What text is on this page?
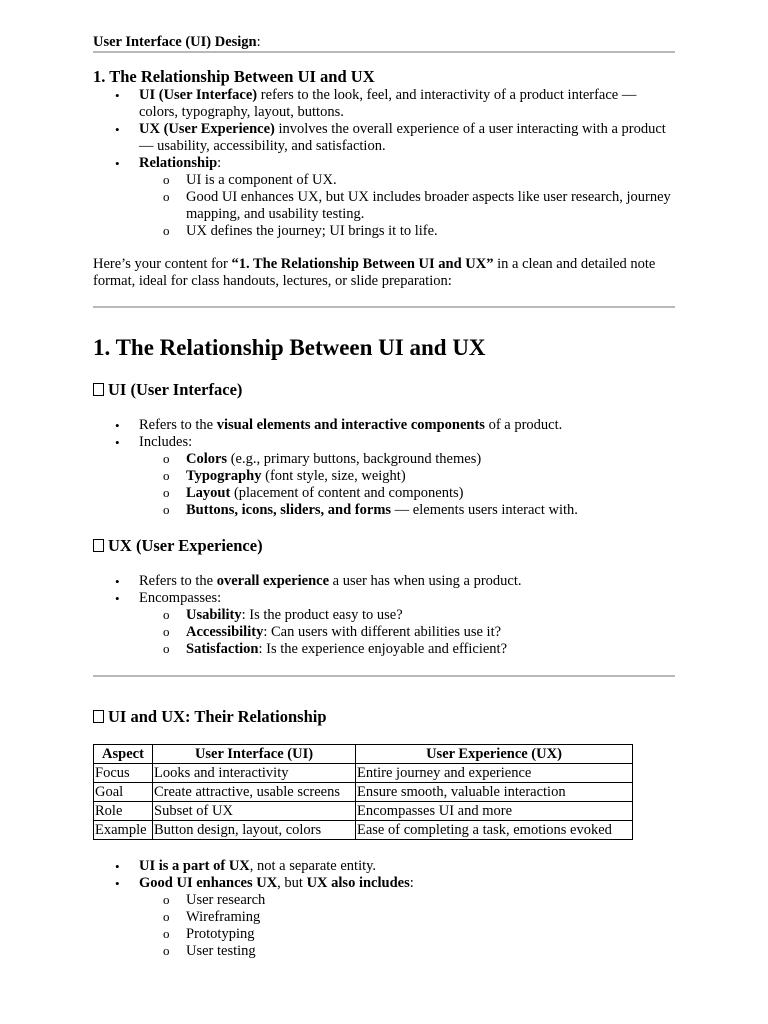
User Interface (UI) Design:
1. The Relationship Between UI and UX
• UI (User Interface) refers to the look, feel, and interactivity of a product interface — colors, typography, layout, buttons.
• UX (User Experience) involves the overall experience of a user interacting with a product — usability, accessibility, and satisfaction.
• Relationship:
o UI is a component of UX.
o Good UI enhances UX, but UX includes broader aspects like user research, journey mapping, and usability testing.
o UX defines the journey; UI brings it to life.
Here’s your content for “1. The Relationship Between UI and UX” in a clean and detailed note format, ideal for class handouts, lectures, or slide preparation:
1. The Relationship Between UI and UX
UI (User Interface)
• Refers to the visual elements and interactive components of a product.
• Includes:
o Colors (e.g., primary buttons, background themes)
o Typography (font style, size, weight)
o Layout (placement of content and components)
o Buttons, icons, sliders, and forms — elements users interact with.
UX (User Experience)
• Refers to the overall experience a user has when using a product.
• Encompasses:
o Usability: Is the product easy to use?
o Accessibility: Can users with different abilities use it?
o Satisfaction: Is the experience enjoyable and efficient?
UI and UX: Their Relationship
Aspect	User Interface (UI)	User Experience (UX)
Focus	Looks and interactivity	Entire journey and experience
Goal	Create attractive, usable screens	Ensure smooth, valuable interaction
Role	Subset of UX	Encompasses UI and more
Example	Button design, layout, colors	Ease of completing a task, emotions evoked
• UI is a part of UX, not a separate entity.
• Good UI enhances UX, but UX also includes:
o User research
o Wireframing
o Prototyping
o User testing
